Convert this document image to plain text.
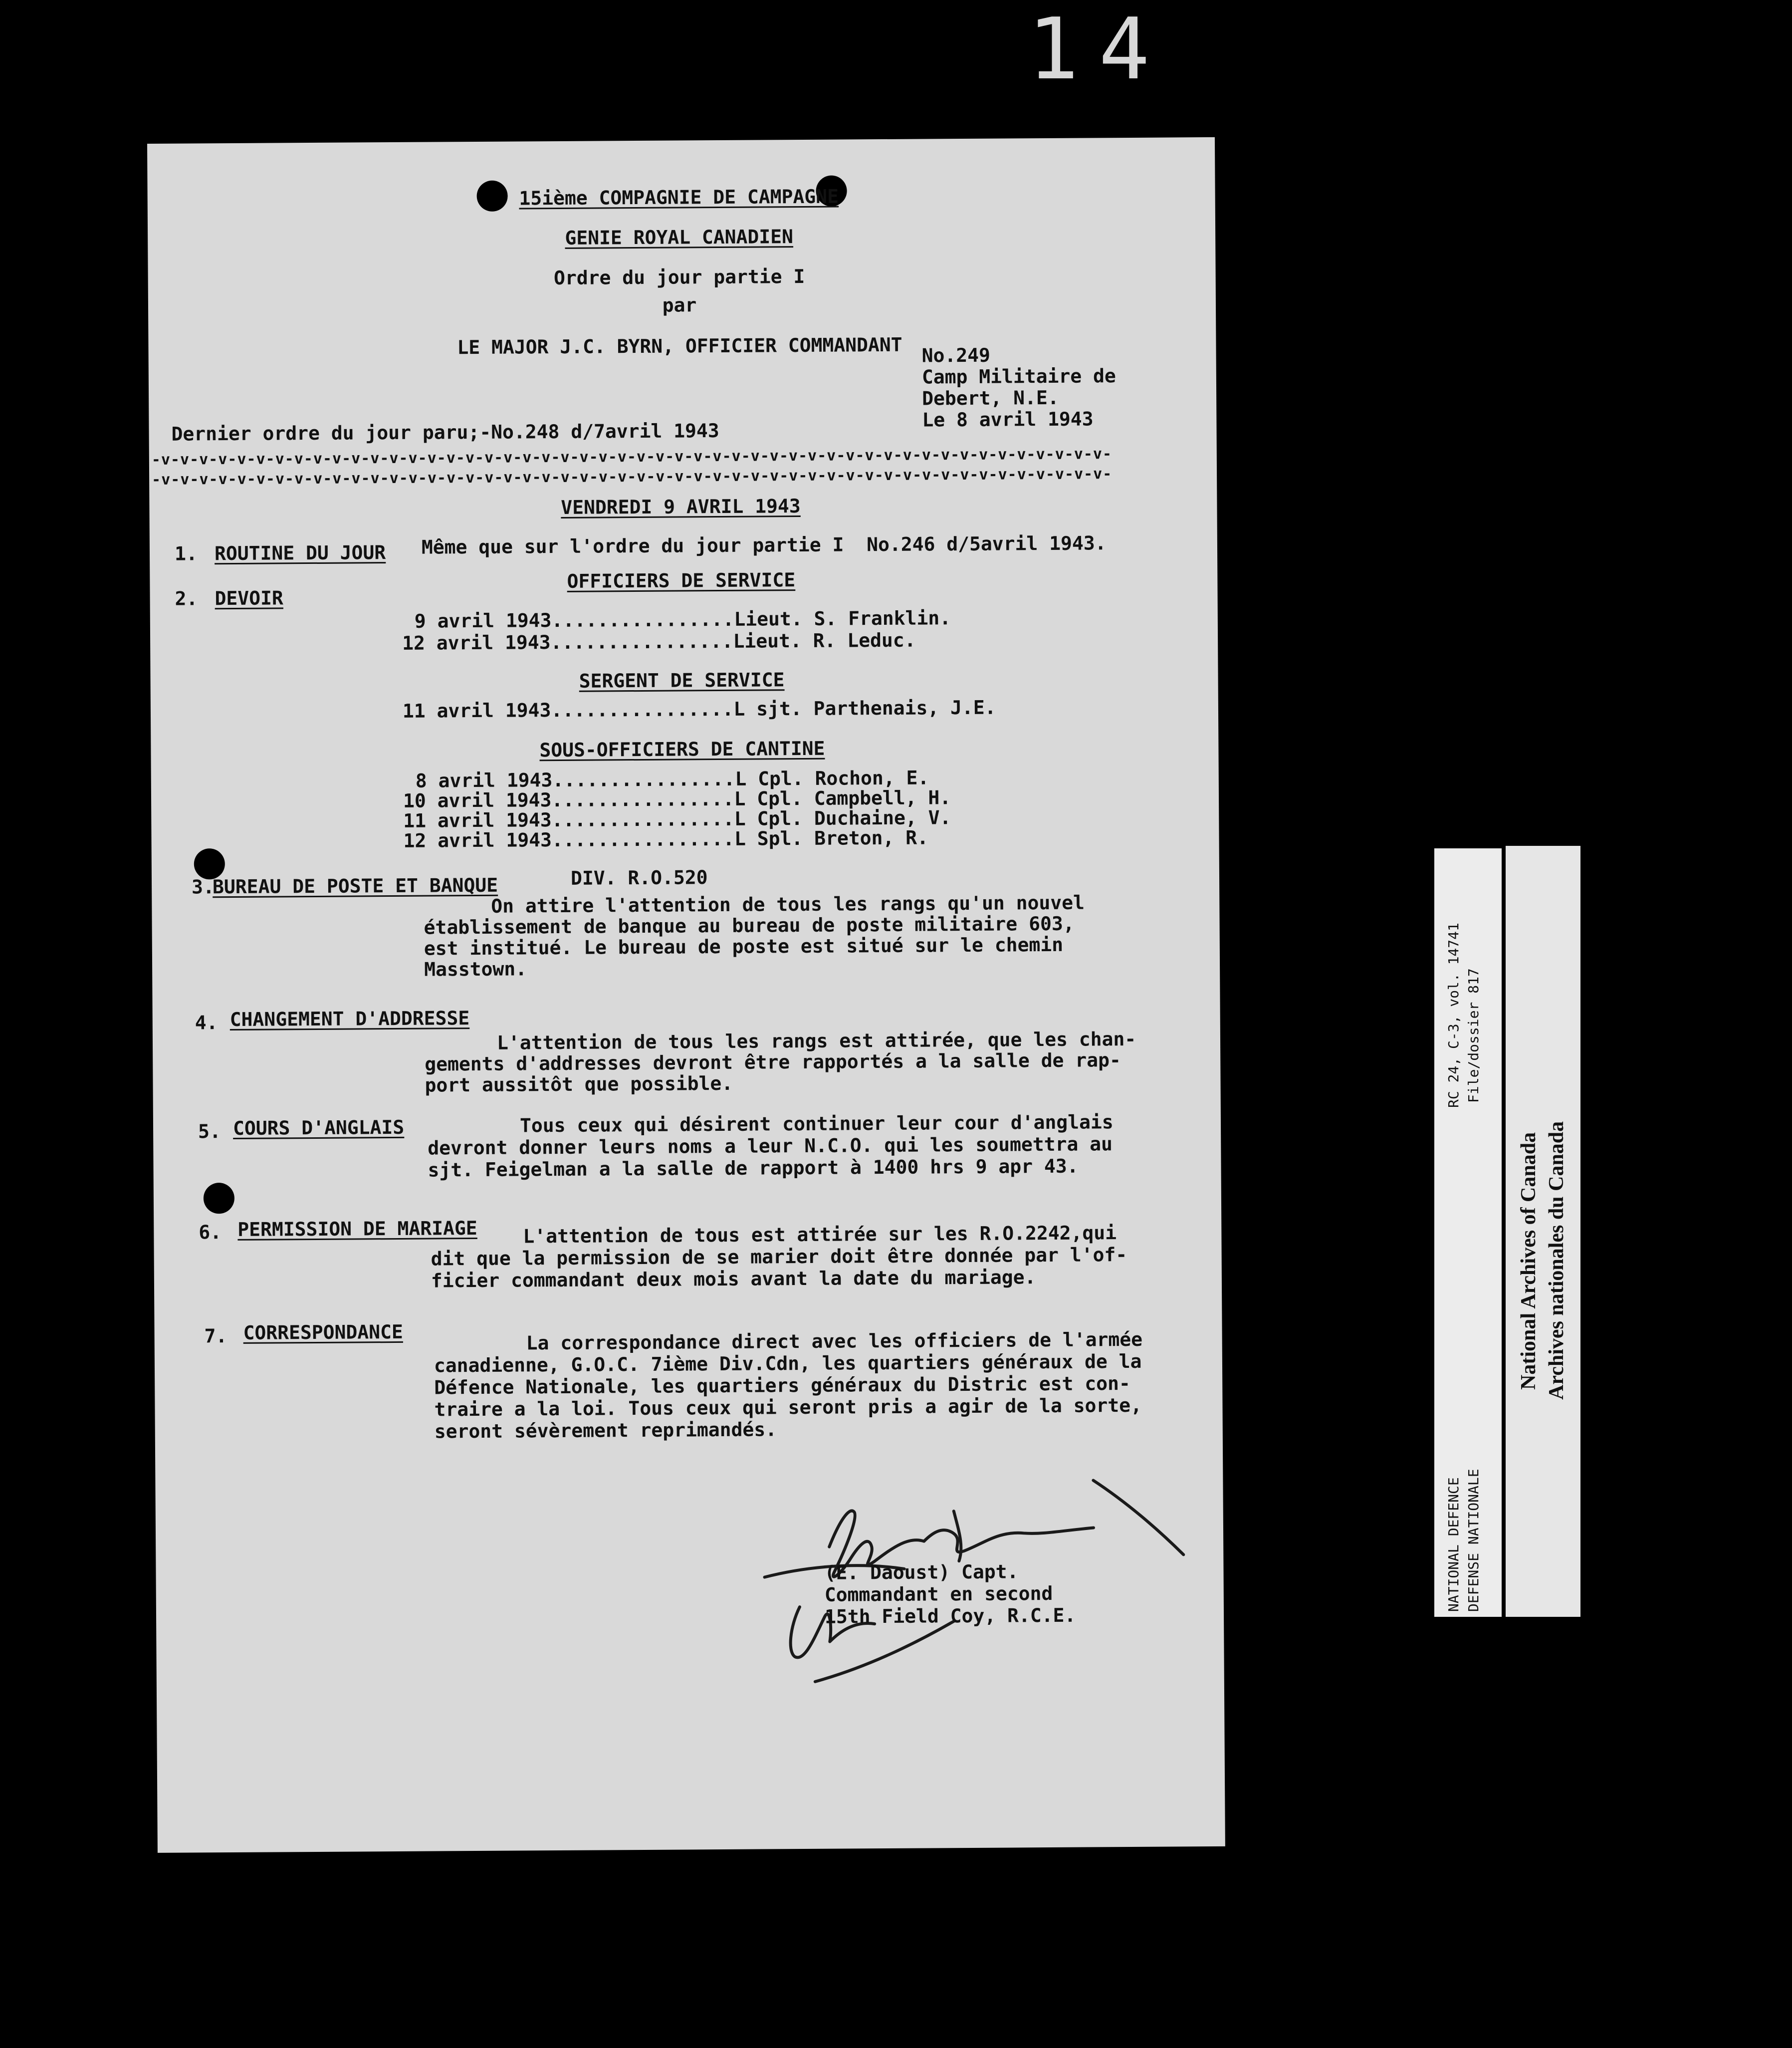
14
15ième COMPAGNIE DE CAMPAGNE
GENIE ROYAL CANADIEN
Ordre du jour partie I
par
LE MAJOR J.C. BYRN, OFFICIER COMMANDANT No.249
Camp Militaire de
Debert, N.E.
Le 8 avril 1943
Dernier ordre du jour paru;-No.248 d/7avril 1943
-v-v-v-v-v-v-v-v-v-v-v-v-v-v-v-v-v-v-v-v-v-v-v-v-v-v-v-v-v-v-v-v-v-v-v-v-v-v-v-v-v-v-v-v-v-v-v-v-v-v-
-v-v-v-v-v-v-v-v-v-v-v-v-v-v-v-v-v-v-v-v-v-v-v-v-v-v-v-v-v-v-v-v-v-v-v-v-v-v-v-v-v-v-v-v-v-v-v-v-v-v-
VENDREDI 9 AVRIL 1943
1. ROUTINE DU JOUR Même que sur l'ordre du jour partie I  No.246 d/5avril 1943.
2. DEVOIR
OFFICIERS DE SERVICE
9 avril 1943................Lieut. S. Franklin.
12 avril 1943................Lieut. R. Leduc.
SERGENT DE SERVICE
11 avril 1943................L sjt. Parthenais, J.E.
SOUS-OFFICIERS DE CANTINE
8 avril 1943................L Cpl. Rochon, E.
10 avril 1943................L Cpl. Campbell, H.
11 avril 1943................L Cpl. Duchaine, V.
12 avril 1943................L Spl. Breton, R.
3.
BUREAU DE POSTE ET BANQUE	DIV. R.O.520
On attire l'attention de tous les rangs qu'un nouvel
établissement de banque au bureau de poste militaire 603,
est institué. Le bureau de poste est situé sur le chemin
Masstown.
4. CHANGEMENT D'ADDRESSE
L'attention de tous les rangs est attirée, que les chan-
gements d'addresses devront être rapportés a la salle de rap-
port aussitôt que possible.
5. COURS D'ANGLAIS	Tous ceux qui désirent continuer leur cour d'anglais
devront donner leurs noms a leur N.C.O. qui les soumettra au
sjt. Feigelman a la salle de rapport à 1400 hrs 9 apr 43.
6. PERMISSION DE MARIAGE L'attention de tous est attirée sur les R.O.2242,qui
dit que la permission de se marier doit être donnée par l'of-
ficier commandant deux mois avant la date du mariage.
7. CORRESPONDANCE	La correspondance direct avec les officiers de l'armée
canadienne, G.O.C. 7ième Div.Cdn, les quartiers généraux de la
Défence Nationale, les quartiers généraux du Distric est con-
traire a la loi. Tous ceux qui seront pris a agir de la sorte,
seront sévèrement reprimandés.
(E. Daoust) Capt.
Commandant en second
15th Field Coy, R.C.E.
RC 24, C-3, vol. 14741 File/dossier 817
NATIONAL DEFENCE DEFENSE NATIONALE
National Archives of Canada Archives nationales du Canada
